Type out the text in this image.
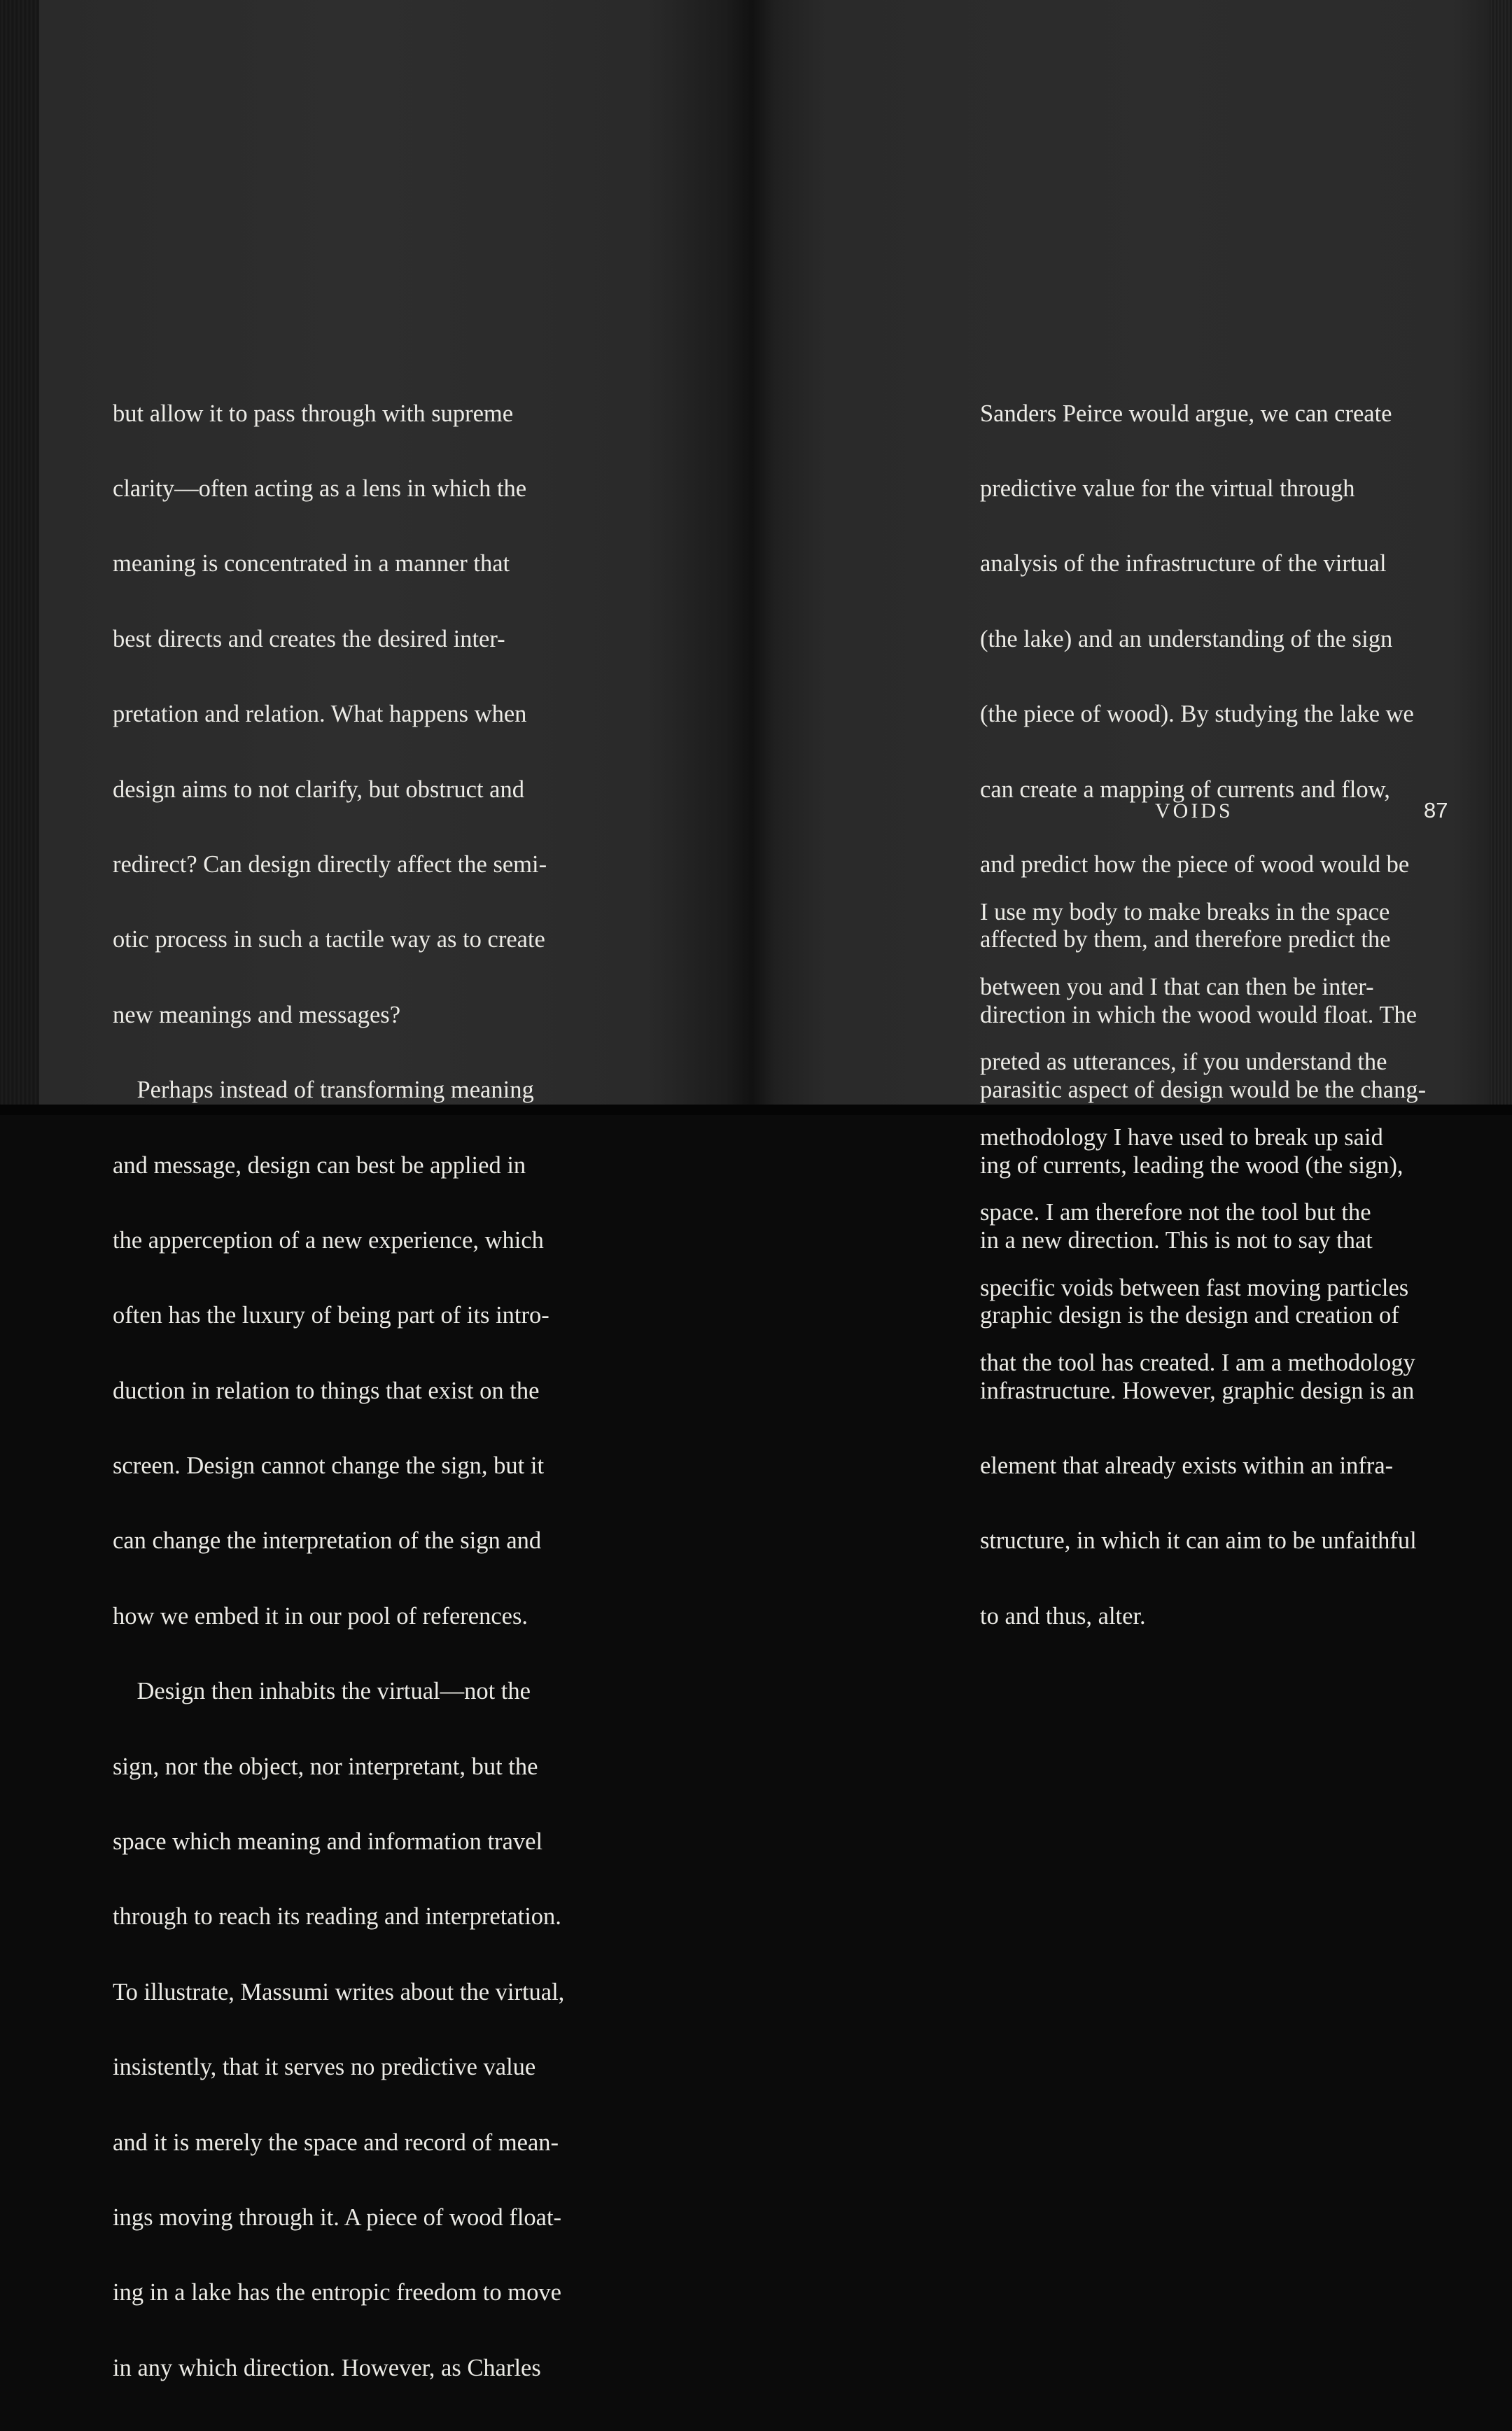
but allow it to pass through with supreme

clarity—often acting as a lens in which the

meaning is concentrated in a manner that

best directs and creates the desired inter-

pretation and relation. What happens when

design aims to not clarify, but obstruct and

redirect? Can design directly affect the semi-

otic process in such a tactile way as to create

new meanings and messages?

Perhaps instead of transforming meaning

and message, design can best be applied in

the apperception of a new experience, which

often has the luxury of being part of its intro-

duction in relation to things that exist on the

screen. Design cannot change the sign, but it

can change the interpretation of the sign and

how we embed it in our pool of references.

Design then inhabits the virtual—not the

sign, nor the object, nor interpretant, but the

space which meaning and information travel

through to reach its reading and interpretation.

To illustrate, Massumi writes about the virtual,

insistently, that it serves no predictive value

and it is merely the space and record of mean-

ings moving through it. A piece of wood float-

ing in a lake has the entropic freedom to move

in any which direction. However, as Charles

Sanders Peirce would argue, we can create

predictive value for the virtual through

analysis of the infrastructure of the virtual

(the lake) and an understanding of the sign

(the piece of wood). By studying the lake we

can create a mapping of currents and flow,

and predict how the piece of wood would be

affected by them, and therefore predict the

direction in which the wood would float. The

parasitic aspect of design would be the chang-

ing of currents, leading the wood (the sign),

in a new direction. This is not to say that

graphic design is the design and creation of

infrastructure. However, graphic design is an

element that already exists within an infra-

structure, in which it can aim to be unfaithful

to and thus, alter.

VOIDS	87

I use my body to make breaks in the space

between you and I that can then be inter-

preted as utterances, if you understand the

methodology I have used to break up said

space. I am therefore not the tool but the

specific voids between fast moving particles

that the tool has created. I am a methodology
